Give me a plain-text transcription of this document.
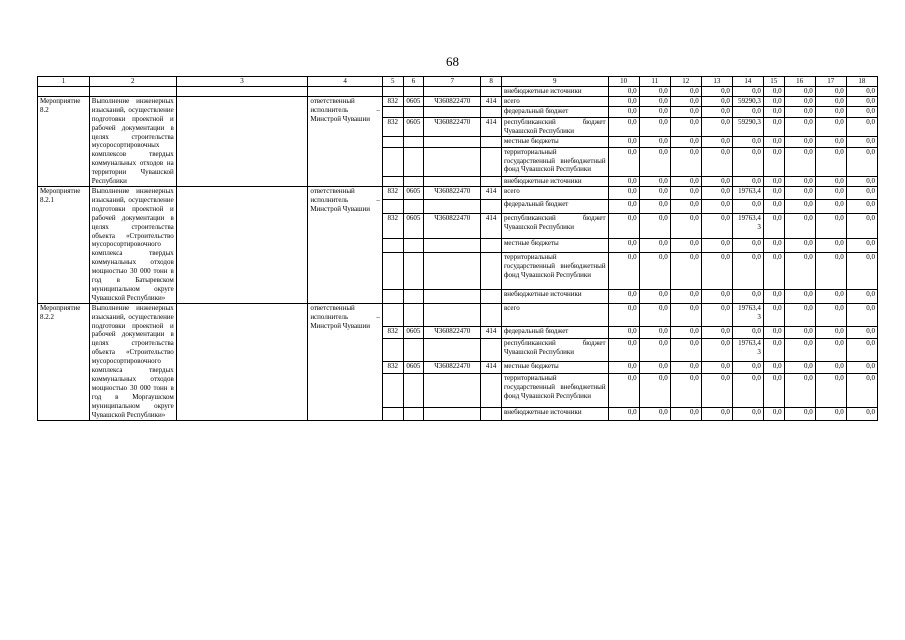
68
1	2	3	4	5	6	7	8	9	10	11	12	13	14	15	16	17	18
								внебюджетные источники	0,0	0,0	0,0	0,0	0,0	0,0	0,0	0,0	0,0
Мероприятие 8.2	Выполнение инженерных изысканий, осуществление подготовки проектной и рабочей документации в целях строительства мусоросортировочных комплексов твердых коммунальных отходов на территории Чувашской Республики		ответственный исполнитель – Минстрой Чувашии	832	0605	Ч360822470	414	всего	0,0	0,0	0,0	0,0	59290,3	0,0	0,0	0,0	0,0
								федеральный бюджет	0,0	0,0	0,0	0,0	0,0	0,0	0,0	0,0	0,0
				832	0605	Ч360822470	414	республиканский бюджет Чувашской Республики	0,0	0,0	0,0	0,0	59290,3	0,0	0,0	0,0	0,0
								местные бюджеты	0,0	0,0	0,0	0,0	0,0	0,0	0,0	0,0	0,0
								территориальный государственный внебюджетный фонд Чувашской Республики	0,0	0,0	0,0	0,0	0,0	0,0	0,0	0,0	0,0
								внебюджетные источники	0,0	0,0	0,0	0,0	0,0	0,0	0,0	0,0	0,0
Мероприятие 8.2.1	Выполнение инженерных изысканий, осуществление подготовки проектной и рабочей документации в целях строительства объекта «Строительство мусоросортировочного комплекса твердых коммунальных отходов мощностью 30 000 тонн в год в Батыревском муниципальном округе Чувашской Республики»		ответственный исполнитель – Минстрой Чувашии	832	0605	Ч360822470	414	всего	0,0	0,0	0,0	0,0	19763,4	0,0	0,0	0,0	0,0
								федеральный бюджет	0,0	0,0	0,0	0,0	0,0	0,0	0,0	0,0	0,0
				832	0605	Ч360822470	414	республиканский бюджет Чувашской Республики	0,0	0,0	0,0	0,0	19763,43	0,0	0,0	0,0	0,0
								местные бюджеты	0,0	0,0	0,0	0,0	0,0	0,0	0,0	0,0	0,0
								территориальный государственный внебюджетный фонд Чувашской Республики	0,0	0,0	0,0	0,0	0,0	0,0	0,0	0,0	0,0
								внебюджетные источники	0,0	0,0	0,0	0,0	0,0	0,0	0,0	0,0	0,0
Мероприятие 8.2.2	Выполнение инженерных изысканий, осуществление подготовки проектной и рабочей документации в целях строительства объекта «Строительство мусоросортировочного комплекса твердых коммунальных отходов мощностью 30 000 тонн в год в Моргаушском муниципальном округе Чувашской Республики»		ответственный исполнитель – Минстрой Чувашии					всего	0,0	0,0	0,0	0,0	19763,43	0,0	0,0	0,0	0,0
				832	0605	Ч360822470	414	федеральный бюджет	0,0	0,0	0,0	0,0	0,0	0,0	0,0	0,0	0,0
								республиканский бюджет Чувашской Республики	0,0	0,0	0,0	0,0	19763,43	0,0	0,0	0,0	0,0
				832	0605	Ч360822470	414	местные бюджеты	0,0	0,0	0,0	0,0	0,0	0,0	0,0	0,0	0,0
								территориальный государственный внебюджетный фонд Чувашской Республики	0,0	0,0	0,0	0,0	0,0	0,0	0,0	0,0	0,0
								внебюджетные источники	0,0	0,0	0,0	0,0	0,0	0,0	0,0	0,0	0,0
